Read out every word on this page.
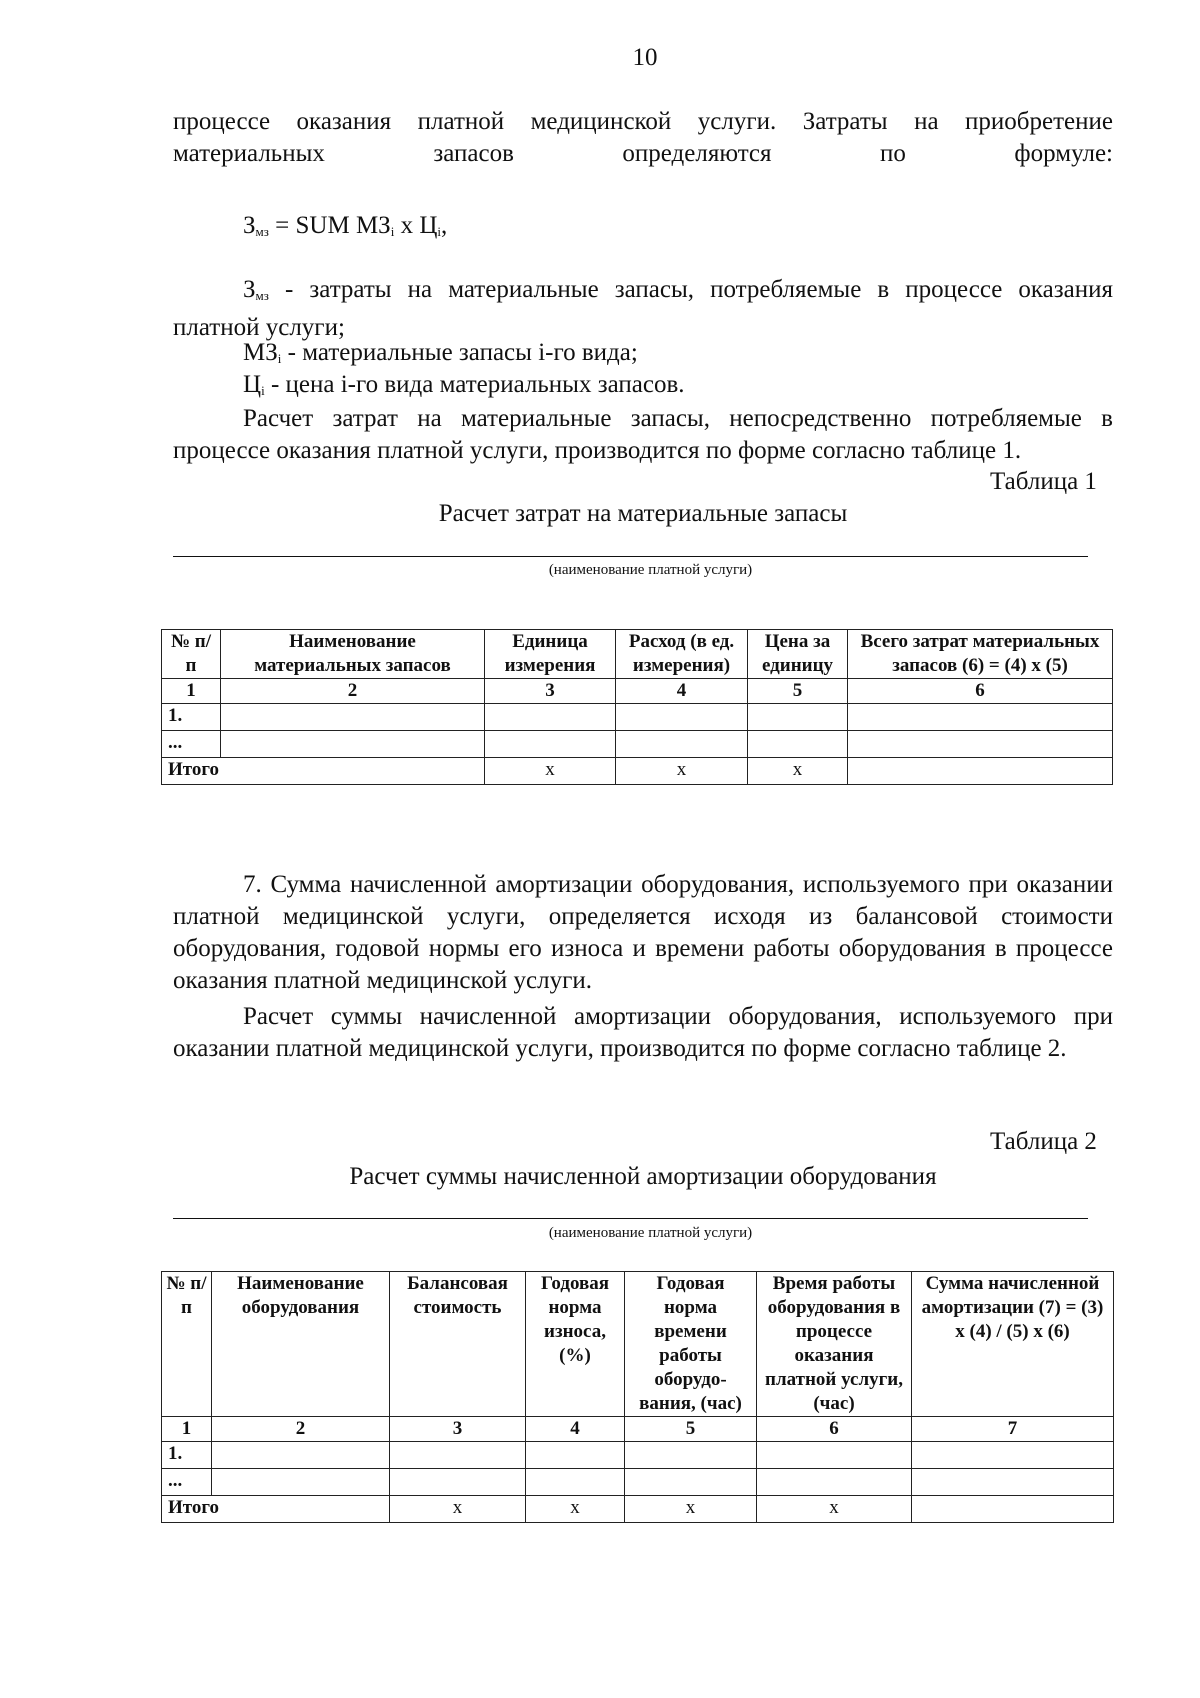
10

процессе оказания платной медицинской услуги. Затраты на приобретение материальных запасов определяются по формуле:

$З_{мз}$ = SUM $МЗ_i$ x $Ц_i$,

$З_{мз}$ - затраты на материальные запасы, потребляемые в процессе оказания платной услуги;

$МЗ_i$ - материальные запасы i-го вида;
$Ц_i$ - цена i-го вида материальных запасов.

Расчет затрат на материальные запасы, непосредственно потребляемые в процессе оказания платной услуги, производится по форме согласно таблице 1.

Таблица 1
Расчет затрат на материальные запасы
(наименование платной услуги)
№ п/п	Наименование материальных запасов	Единица измерения	Расход (в ед. измерения)	Цена за единицу	Всего затрат материальных запасов (6) = (4) х (5)
1	2	3	4	5	6
1.					
...					
Итого		х	х	х	

7. Сумма начисленной амортизации оборудования, используемого при оказании платной медицинской услуги, определяется исходя из балансовой стоимости оборудования, годовой нормы его износа и времени работы оборудования в процессе оказания платной медицинской услуги.

Расчет суммы начисленной амортизации оборудования, используемого при оказании платной медицинской услуги, производится по форме согласно таблице 2.

Таблица 2
Расчет суммы начисленной амортизации оборудования
(наименование платной услуги)
№ п/п	Наименование оборудования	Балансовая стоимость	Годовая норма износа, (%)	Годовая норма времени работы оборудо-вания, (час)	Время работы оборудования в процессе оказания платной услуги, (час)	Сумма начисленной амортизации (7) = (3) х (4) / (5) х (6)
1	2	3	4	5	6	7
1.						
...						
Итого		х	х	х	х	
